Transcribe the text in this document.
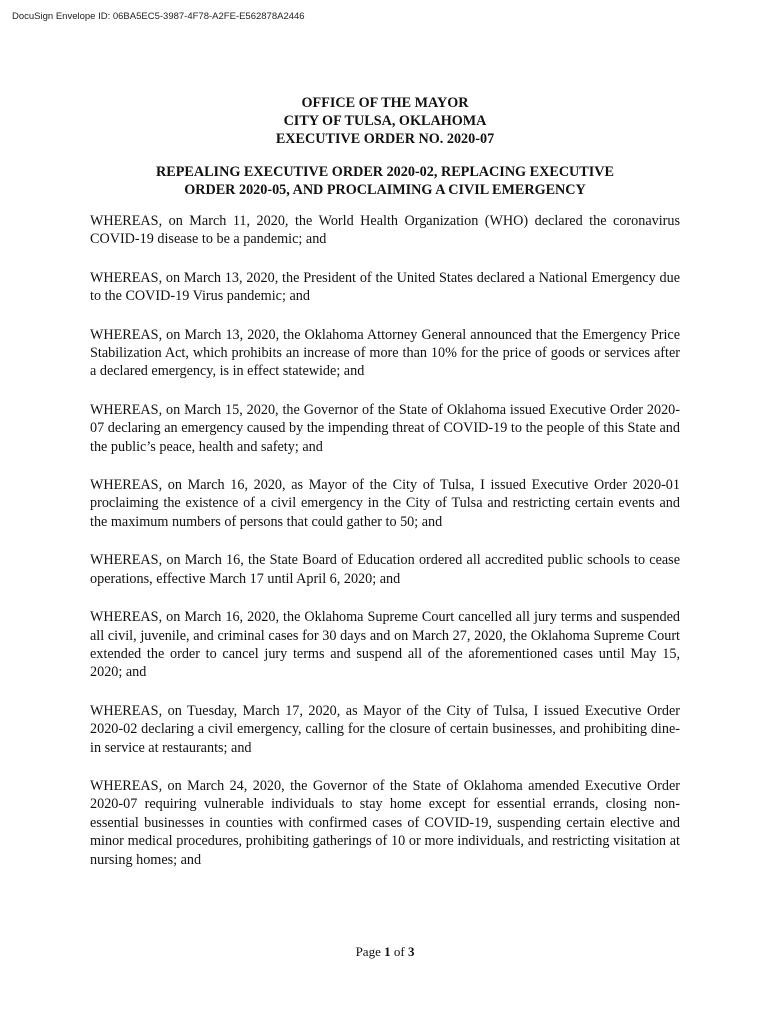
DocuSign Envelope ID: 06BA5EC5-3987-4F78-A2FE-E562878A2446
OFFICE OF THE MAYOR
CITY OF TULSA, OKLAHOMA
EXECUTIVE ORDER NO. 2020-07
REPEALING EXECUTIVE ORDER 2020-02, REPLACING EXECUTIVE
ORDER 2020-05, AND PROCLAIMING A CIVIL EMERGENCY

WHEREAS, on March 11, 2020, the World Health Organization (WHO) declared the coronavirus COVID-19 disease to be a pandemic; and

WHEREAS, on March 13, 2020, the President of the United States declared a National Emergency due to the COVID-19 Virus pandemic; and

WHEREAS, on March 13, 2020, the Oklahoma Attorney General announced that the Emergency Price Stabilization Act, which prohibits an increase of more than 10% for the price of goods or services after a declared emergency, is in effect statewide; and

WHEREAS, on March 15, 2020, the Governor of the State of Oklahoma issued Executive Order 2020-07 declaring an emergency caused by the impending threat of COVID-19 to the people of this State and the public’s peace, health and safety; and

WHEREAS, on March 16, 2020, as Mayor of the City of Tulsa, I issued Executive Order 2020-01 proclaiming the existence of a civil emergency in the City of Tulsa and restricting certain events and the maximum numbers of persons that could gather to 50; and

WHEREAS, on March 16, the State Board of Education ordered all accredited public schools to cease operations, effective March 17 until April 6, 2020; and

WHEREAS, on March 16, 2020, the Oklahoma Supreme Court cancelled all jury terms and suspended all civil, juvenile, and criminal cases for 30 days and on March 27, 2020, the Oklahoma Supreme Court extended the order to cancel jury terms and suspend all of the aforementioned cases until May 15, 2020; and

WHEREAS, on Tuesday, March 17, 2020, as Mayor of the City of Tulsa, I issued Executive Order 2020-02 declaring a civil emergency, calling for the closure of certain businesses, and prohibiting dine-in service at restaurants; and

WHEREAS, on March 24, 2020, the Governor of the State of Oklahoma amended Executive Order 2020-07 requiring vulnerable individuals to stay home except for essential errands, closing non-essential businesses in counties with confirmed cases of COVID-19, suspending certain elective and minor medical procedures, prohibiting gatherings of 10 or more individuals, and restricting visitation at nursing homes; and

Page 1 of 3
